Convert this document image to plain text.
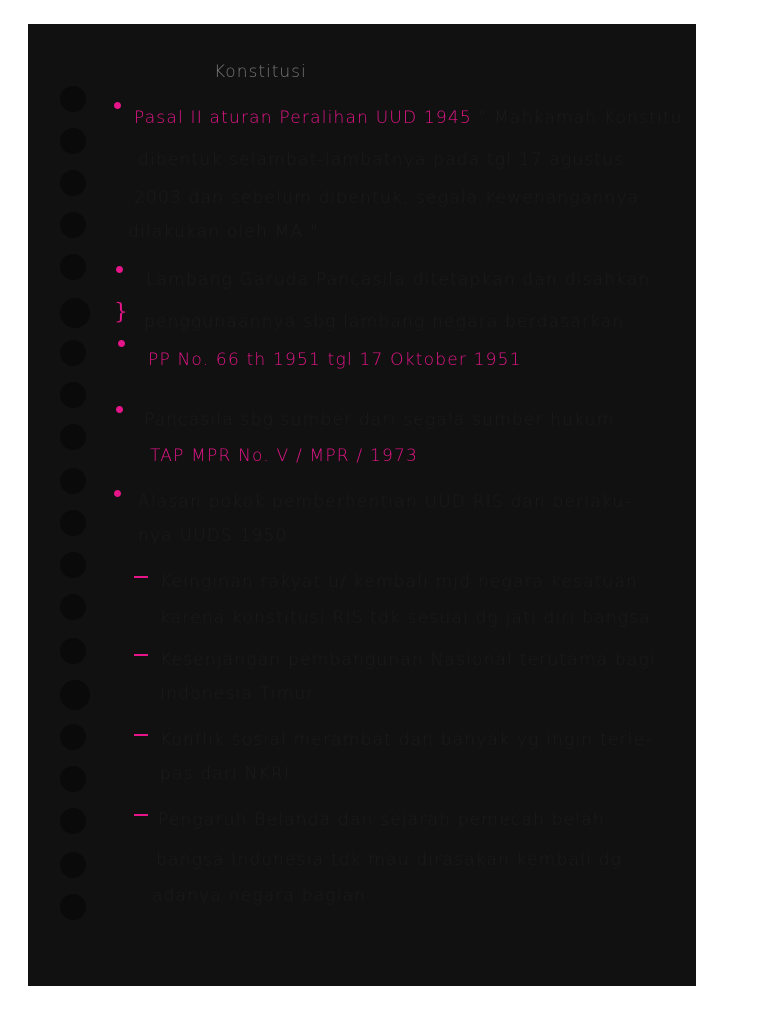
Konstitusi
Pasal II aturan Peralihan UUD 1945 " Mahkamah Konstitu
dibentuk selambat-lambatnya pada tgl 17 agustus
2003 dan sebelum dibentuk, segala kewenangannya
dilakukan oleh MA "
Lambang Garuda Pancasila ditetapkan dan disahkan
} penggunaannya sbg lambang negara berdasarkan
PP No. 66 th 1951 tgl 17 Oktober 1951
Pancasila sbg sumber dari segala sumber hukum
TAP MPR No. V / MPR / 1973
Alasan pokok pemberhentian UUD RIS dan berlaku-
nya UUDS 1950
Keinginan rakyat u/ kembali mjd negara kesatuan
karena konstitusi RIS tdk sesuai dg jati diri bangsa
Kesenjangan pembangunan Nasional terutama bagi
Indonesia Timur
Konflik sosial merambat dan banyak yg ingin terle-
pas dari NKRI
Pengaruh Belanda dan sejarah pemecah belah
bangsa Indonesia tdk mau dirasakan kembali dg
adanya negara bagian.
